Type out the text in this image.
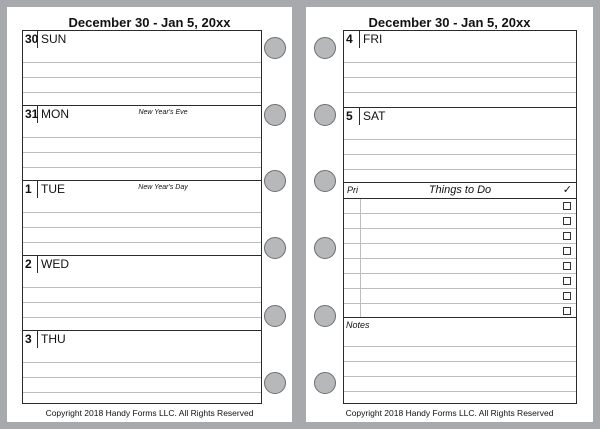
December 30 - Jan 5, 20xx
30 SUN
31 MON	New Year's Eve
1 TUE	New Year's Day
2 WED
3 THU
Copyright 2018 Handy Forms LLC. All Rights Reserved
December 30 - Jan 5, 20xx
4 FRI
5 SAT
Pri	Things to Do	✓
Notes
Copyright 2018 Handy Forms LLC. All Rights Reserved
